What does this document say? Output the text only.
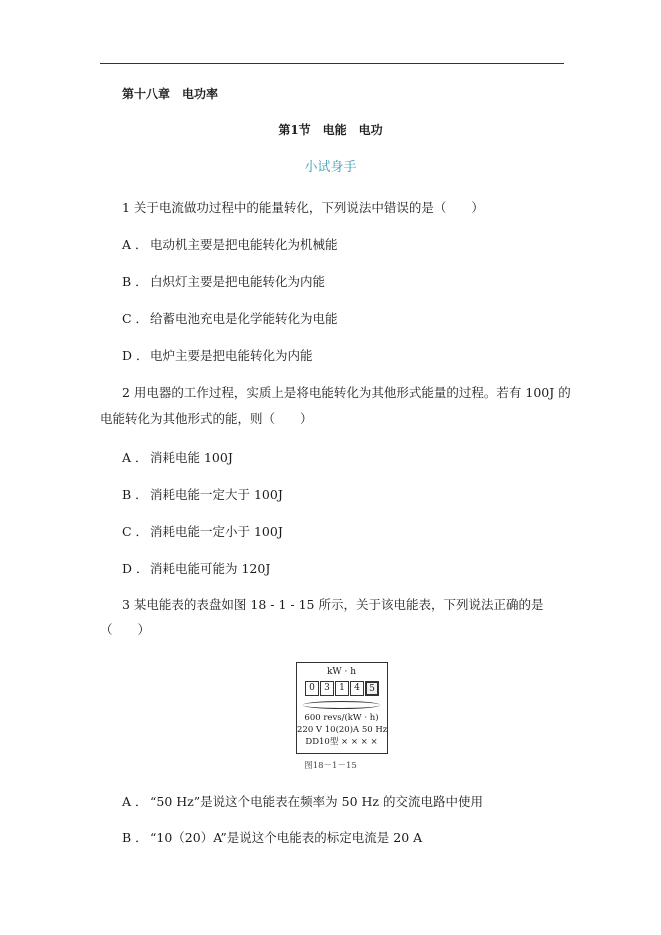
第十八章　电功率
第1节　电能　电功
小试身手
1 关于电流做功过程中的能量转化，下列说法中错误的是（　　）
A ． 电动机主要是把电能转化为机械能
B ． 白炽灯主要是把电能转化为内能
C ． 给蓄电池充电是化学能转化为电能
D ． 电炉主要是把电能转化为内能
2 用电器的工作过程，实质上是将电能转化为其他形式能量的过程。若有 100J 的
电能转化为其他形式的能，则（　　）
A ． 消耗电能 100J
B ． 消耗电能一定大于 100J
C ． 消耗电能一定小于 100J
D ． 消耗电能可能为 120J
3 某电能表的表盘如图 18 - 1 - 15 所示，关于该电能表，下列说法正确的是
（　　）
kW · h
0	3	1	4	5
600 revs/(kW · h)
220 V 10(20)A 50 Hz
DD10型 × × × ×
图18－1－15
A ． “50 Hz”是说这个电能表在频率为 50 Hz 的交流电路中使用
B ． “10（20）A”是说这个电能表的标定电流是 20 A
